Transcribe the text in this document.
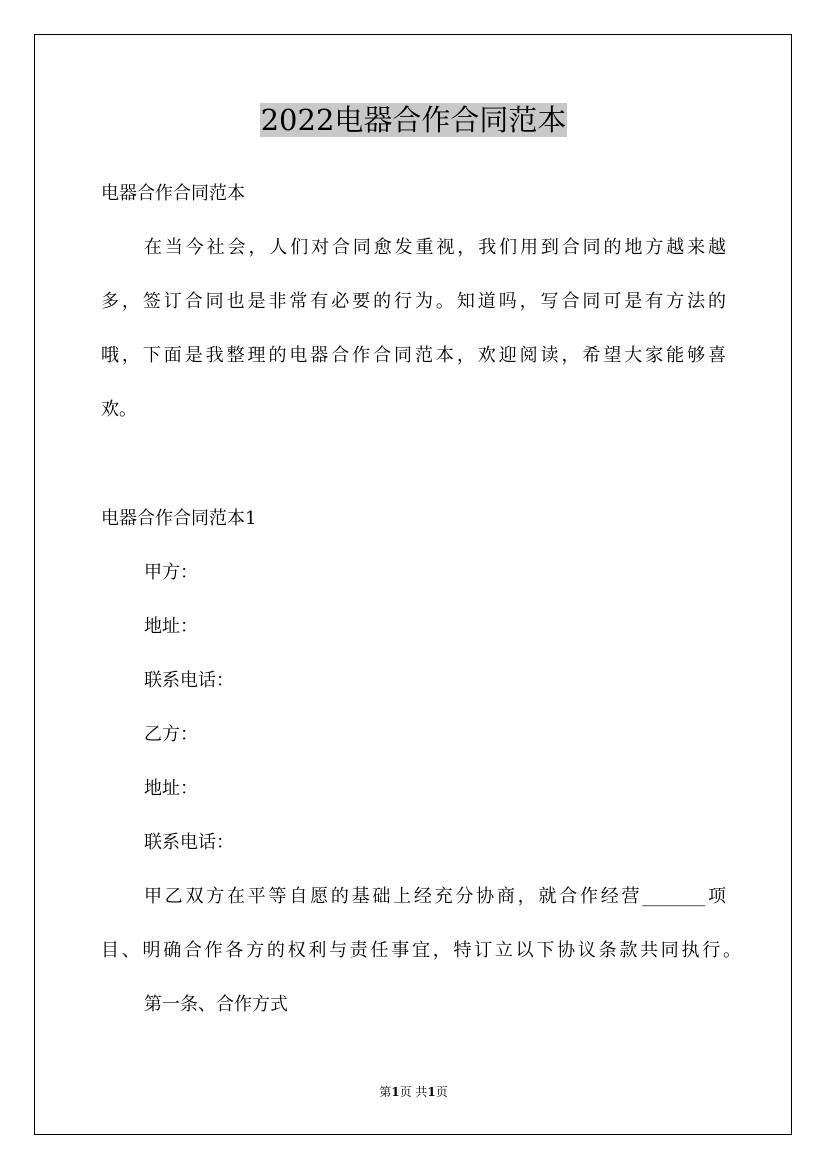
2022电器合作合同范本
电器合作合同范本
在当今社会，人们对合同愈发重视，我们用到合同的地方越来越
多，签订合同也是非常有必要的行为。知道吗，写合同可是有方法的
哦，下面是我整理的电器合作合同范本，欢迎阅读，希望大家能够喜
欢。
电器合作合同范本1
甲方：
地址：
联系电话：
乙方：
地址：
联系电话：
甲乙双方在平等自愿的基础上经充分协商，就合作经营_______项
目、明确合作各方的权利与责任事宜，特订立以下协议条款共同执行。
第一条、合作方式
第1页 共1页
